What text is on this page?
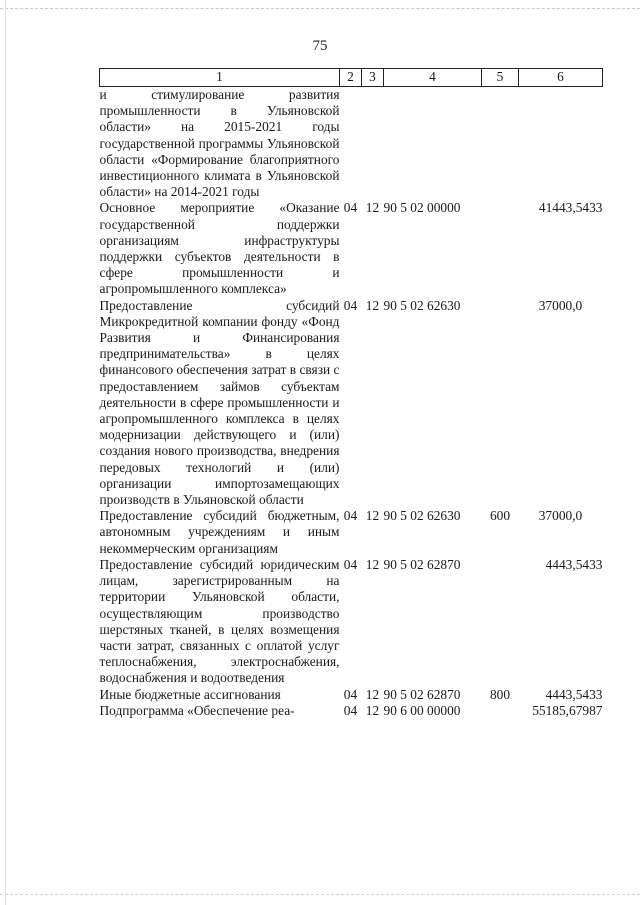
75
1	2	3	4	5	6
и стимулирование развития промышленности в Ульяновской области» на 2015-2021 годы государственной программы Ульяновской области «Формирование благоприятного инвестиционного климата в Ульяновской области» на 2014-2021 годы					
Основное мероприятие «Оказание государственной поддержки организациям инфраструктуры поддержки субъектов деятельности в сфере промышленности и агропромышленного комплекса»	04	12	90 5 02 00000		41443,5433
Предоставление субсидий Микрокредитной компании фонду «Фонд Развития и Финансирования предпринимательства» в целях финансового обеспечения затрат в связи с предоставлением займов субъектам деятельности в сфере промышленности и агропромышленного комплекса в целях модернизации действующего и (или) создания нового производства, внедрения передовых технологий и (или) организации импортозамещающих производств в Ульяновской области	04	12	90 5 02 62630		37000,0
Предоставление субсидий бюджетным, автономным учреждениям и иным некоммерческим организациям	04	12	90 5 02 62630	600	37000,0
Предоставление субсидий юридическим лицам, зарегистрированным на территории Ульяновской области, осуществляющим производство шерстяных тканей, в целях возмещения части затрат, связанных с оплатой услуг теплоснабжения, электроснабжения, водоснабжения и водоотведения	04	12	90 5 02 62870		4443,5433
Иные бюджетные ассигнования	04	12	90 5 02 62870	800	4443,5433
Подпрограмма «Обеспечение реа-	04	12	90 6 00 00000		55185,67987
